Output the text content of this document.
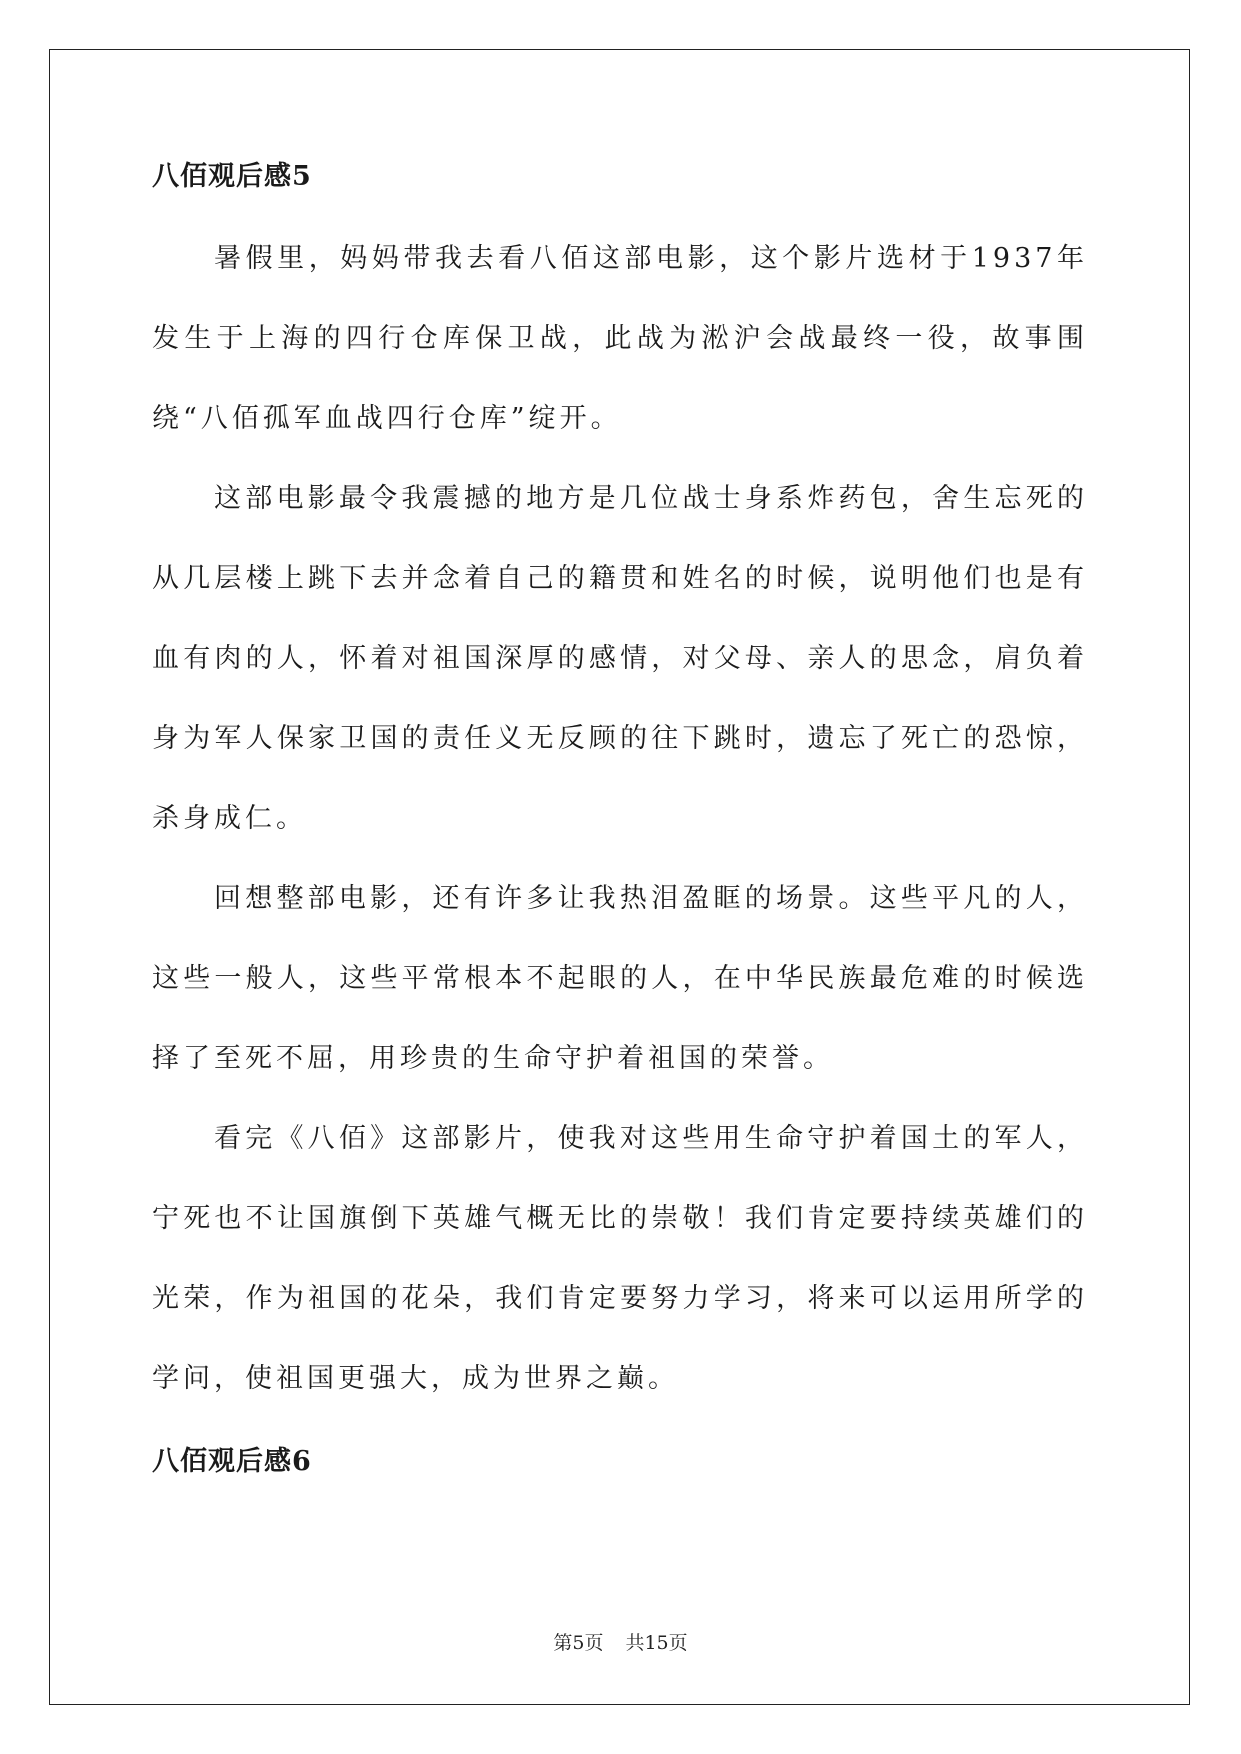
八佰观后感5

暑假里，妈妈带我去看八佰这部电影，这个影片选材于1937年发生于上海的四行仓库保卫战，此战为淞沪会战最终一役，故事围绕“八佰孤军血战四行仓库”绽开。

这部电影最令我震撼的地方是几位战士身系炸药包，舍生忘死的从几层楼上跳下去并念着自己的籍贯和姓名的时候，说明他们也是有血有肉的人，怀着对祖国深厚的感情，对父母、亲人的思念，肩负着身为军人保家卫国的责任义无反顾的往下跳时，遗忘了死亡的恐惊，杀身成仁。

回想整部电影，还有许多让我热泪盈眶的场景。这些平凡的人，这些一般人，这些平常根本不起眼的人，在中华民族最危难的时候选择了至死不屈，用珍贵的生命守护着祖国的荣誉。

看完《八佰》这部影片，使我对这些用生命守护着国土的军人，宁死也不让国旗倒下英雄气概无比的崇敬！我们肯定要持续英雄们的光荣，作为祖国的花朵，我们肯定要努力学习，将来可以运用所学的学问，使祖国更强大，成为世界之巅。

八佰观后感6
第5页 共15页
